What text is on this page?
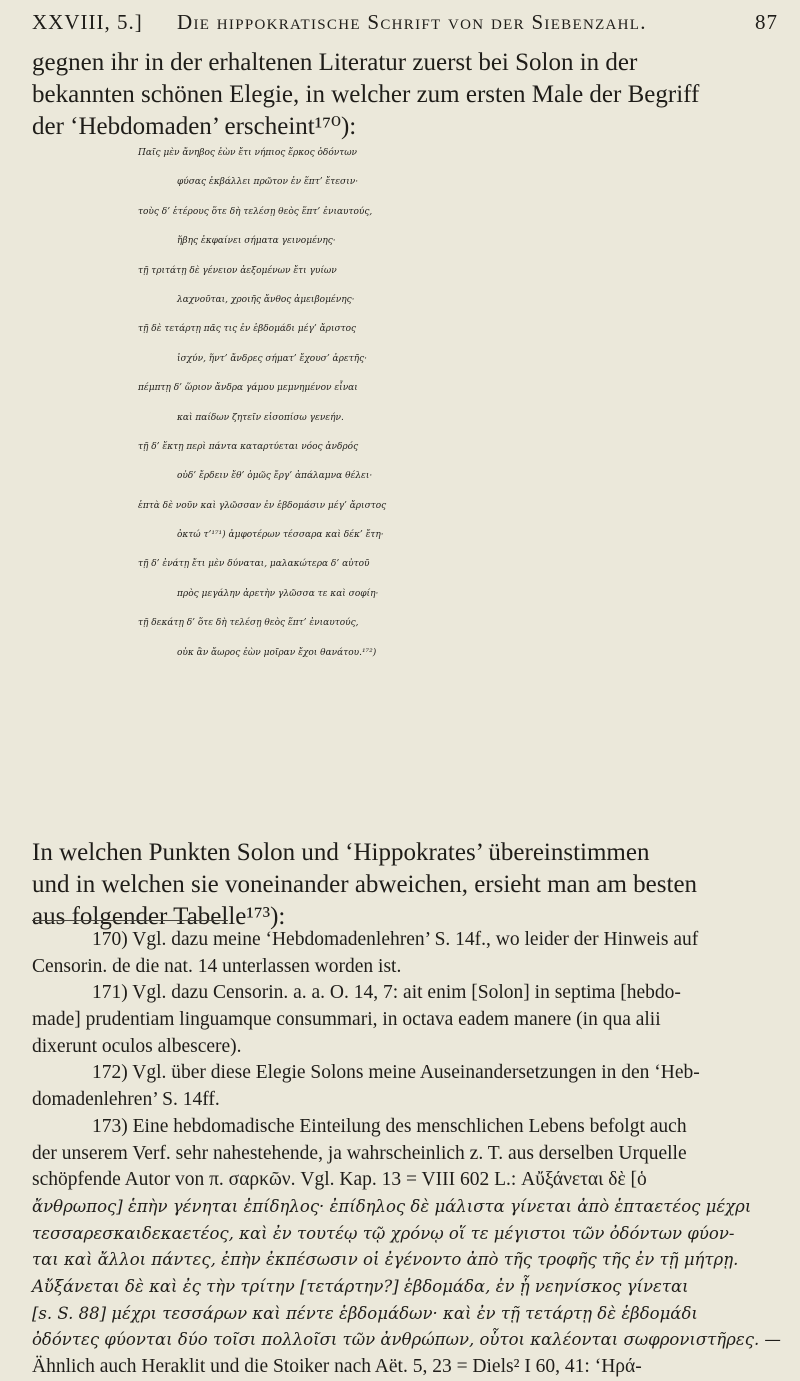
XXVIII, 5.] Die hippokratische Schrift von der Siebenzahl.	87
gegnen ihr in der erhaltenen Literatur zuerst bei Solon in der
bekannten schönen Elegie, in welcher zum ersten Male der Begriff
der ‘Hebdomaden’ erscheint¹⁷⁰):
Παῖς μὲν ἄνηβος ἐὼν ἔτι νήπιος ἕρκος ὀδόντων
φύσας ἐκβάλλει πρῶτον ἐν ἕπτ’ ἔτεσιν·
τοὺς δ’ ἑτέρους ὅτε δὴ τελέσῃ θεὸς ἕπτ’ ἐνιαυτούς,
ἥβης ἐκφαίνει σήματα γεινομένης·
τῇ τριτάτῃ δὲ γένειον ἀεξομένων ἔτι γυίων
λαχνοῦται, χροιῆς ἄνθος ἀμειβομένης·
τῇ δὲ τετάρτῃ πᾶς τις ἐν ἑβδομάδι μέγ’ ἄριστος
ἰσχύν, ἥντ’ ἄνδρες σήματ’ ἔχουσ’ ἀρετῆς·
πέμπτῃ δ’ ὥριον ἄνδρα γάμου μεμνημένον εἶναι
καὶ παίδων ζητεῖν εἰσοπίσω γενεήν.
τῇ δ’ ἕκτῃ περὶ πάντα καταρτύεται νόος ἀνδρός
οὐδ’ ἔρδειν ἔθ’ ὁμῶς ἔργ’ ἀπάλαμνα θέλει·
ἑπτὰ δὲ νοῦν καὶ γλῶσσαν ἐν ἑβδομάσιν μέγ’ ἄριστος
ὀκτώ τ’¹⁷¹) ἀμφοτέρων τέσσαρα καὶ δέκ’ ἔτη·
τῇ δ’ ἐνάτῃ ἔτι μὲν δύναται, μαλακώτερα δ’ αὐτοῦ
πρὸς μεγάλην ἀρετὴν γλῶσσα τε καὶ σοφίη·
τῇ δεκάτῃ δ’ ὅτε δὴ τελέσῃ θεὸς ἕπτ’ ἐνιαυτούς,
οὐκ ἂν ἄωρος ἐὼν μοῖραν ἔχοι θανάτου.¹⁷²)
In welchen Punkten Solon und ‘Hippokrates’ übereinstimmen
und in welchen sie voneinander abweichen, ersieht man am besten
aus folgender Tabelle¹⁷³):
170) Vgl. dazu meine ‘Hebdomadenlehren’ S. 14f., wo leider der Hinweis auf
Censorin. de die nat. 14 unterlassen worden ist.
171) Vgl. dazu Censorin. a. a. O. 14, 7: ait enim [Solon] in septima [hebdo-
made] prudentiam linguamque consummari, in octava eadem manere (in qua alii
dixerunt oculos albescere).
172) Vgl. über diese Elegie Solons meine Auseinandersetzungen in den ‘Heb-
domadenlehren’ S. 14ff.
173) Eine hebdomadische Einteilung des menschlichen Lebens befolgt auch
der unserem Verf. sehr nahestehende, ja wahrscheinlich z. T. aus derselben Urquelle
schöpfende Autor von π. σαρκῶν. Vgl. Kap. 13 = VIII 602 L.: Αὔξάνεται δὲ [ὁ
ἄνθρωπος] ἑπὴν γένηται ἐπίδηλος· ἐπίδηλος δὲ μάλιστα γίνεται ἀπὸ ἑπταετέος μέχρι
τεσσαρεσκαιδεκαετέος, καὶ ἐν τουτέῳ τῷ χρόνῳ οἵ τε μέγιστοι τῶν ὀδόντων φύον-
ται καὶ ἄλλοι πάντες, ἐπὴν ἐκπέσωσιν οἱ ἐγένοντο ἀπὸ τῆς τροφῆς τῆς ἐν τῇ μήτρῃ.
Αὔξάνεται δὲ καὶ ἐς τὴν τρίτην [τετάρτην?] ἑβδομάδα, ἐν ᾗ νεηνίσκος γίνεται
[s. S. 88] μέχρι τεσσάρων καὶ πέντε ἑβδομάδων· καὶ ἐν τῇ τετάρτῃ δὲ ἑβδομάδι
ὀδόντες φύονται δύο τοῖσι πολλοῖσι τῶν ἀνθρώπων, οὗτοι καλέονται σωφρονιστῆρες. —
Ähnlich auch Heraklit und die Stoiker nach Aët. 5, 23 = Diels² I 60, 41: ‘Ηρά-
